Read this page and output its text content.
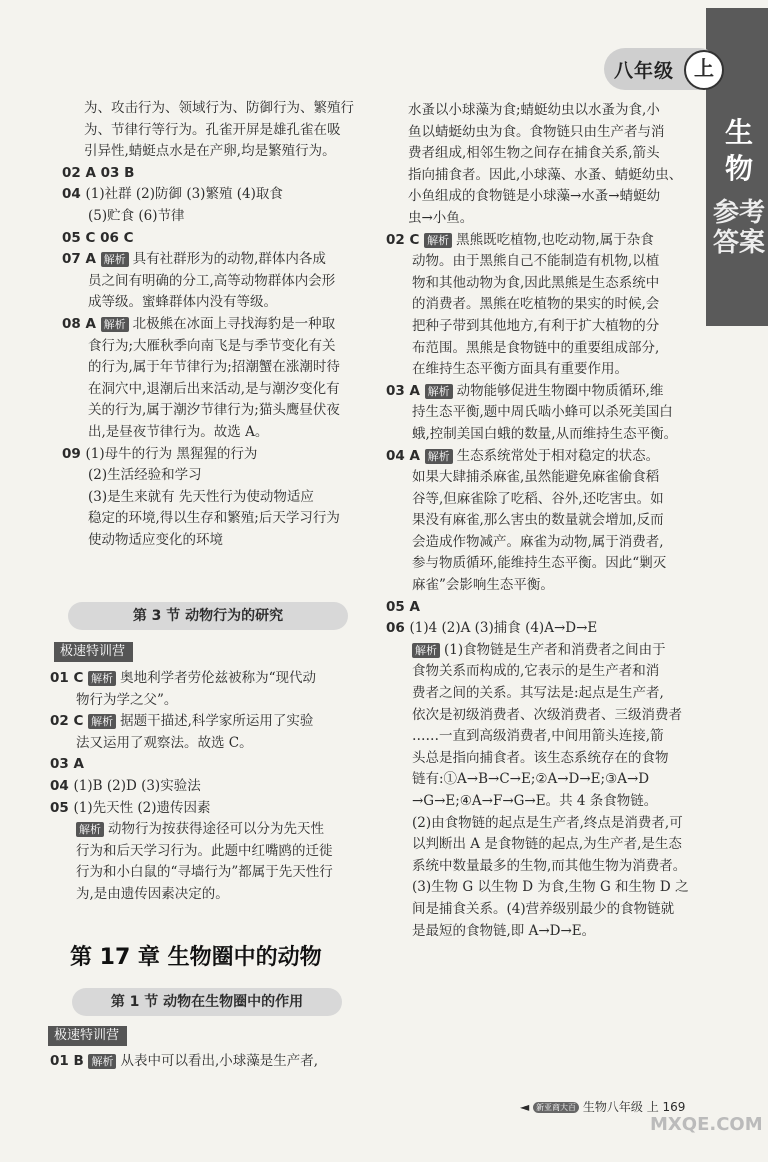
八年级 上
生物
参考答案

为、攻击行为、领域行为、防御行为、繁殖行

为、节律行等行为。孔雀开屏是雄孔雀在吸

引异性,蜻蜓点水是在产卵,均是繁殖行为。

02 A 03 B

04 (1)社群 (2)防御 (3)繁殖 (4)取食

(5)贮食 (6)节律

05 C 06 C

07 A 解析 具有社群形为的动物,群体内各成

员之间有明确的分工,高等动物群体内会形

成等级。蜜蜂群体内没有等级。

08 A 解析 北极熊在冰面上寻找海豹是一种取

食行为;大雁秋季向南飞是与季节变化有关

的行为,属于年节律行为;招潮蟹在涨潮时待

在洞穴中,退潮后出来活动,是与潮汐变化有

关的行为,属于潮汐节律行为;猫头鹰昼伏夜

出,是昼夜节律行为。故选 A。

09 (1)母牛的行为 黑猩猩的行为

(2)生活经验和学习

(3)是生来就有 先天性行为使动物适应

稳定的环境,得以生存和繁殖;后天学习行为

使动物适应变化的环境

第 3 节 动物行为的研究
极速特训营

01 C 解析 奥地利学者劳伦兹被称为“现代动

物行为学之父”。

02 C 解析 据题干描述,科学家所运用了实验

法又运用了观察法。故选 C。

03 A

04 (1)B (2)D (3)实验法

05 (1)先天性 (2)遗传因素

解析 动物行为按获得途径可以分为先天性

行为和后天学习行为。此题中红嘴鸥的迁徙

行为和小白鼠的“寻墙行为”都属于先天性行

为,是由遗传因素决定的。

第 17 章 生物圈中的动物
第 1 节 动物在生物圈中的作用
极速特训营

01 B 解析 从表中可以看出,小球藻是生产者,

水蚤以小球藻为食;蜻蜓幼虫以水蚤为食,小

鱼以蜻蜓幼虫为食。食物链只由生产者与消

费者组成,相邻生物之间存在捕食关系,箭头

指向捕食者。因此,小球藻、水蚤、蜻蜓幼虫、

小鱼组成的食物链是小球藻→水蚤→蜻蜓幼

虫→小鱼。

02 C 解析 黑熊既吃植物,也吃动物,属于杂食

动物。由于黑熊自己不能制造有机物,以植

物和其他动物为食,因此黑熊是生态系统中

的消费者。黑熊在吃植物的果实的时候,会

把种子带到其他地方,有利于扩大植物的分

布范围。黑熊是食物链中的重要组成部分,

在维持生态平衡方面具有重要作用。

03 A 解析 动物能够促进生物圈中物质循环,维

持生态平衡,题中周氏啮小蜂可以杀死美国白

蛾,控制美国白蛾的数量,从而维持生态平衡。

04 A 解析 生态系统常处于相对稳定的状态。

如果大肆捕杀麻雀,虽然能避免麻雀偷食稻

谷等,但麻雀除了吃稻、谷外,还吃害虫。如

果没有麻雀,那么害虫的数量就会增加,反而

会造成作物减产。麻雀为动物,属于消费者,

参与物质循环,能维持生态平衡。因此“剿灭

麻雀”会影响生态平衡。

05 A

06 (1)4 (2)A (3)捕食 (4)A→D→E

解析 (1)食物链是生产者和消费者之间由于

食物关系而构成的,它表示的是生产者和消

费者之间的关系。其写法是:起点是生产者,

依次是初级消费者、次级消费者、三级消费者

……一直到高级消费者,中间用箭头连接,箭

头总是指向捕食者。该生态系统存在的食物

链有:①A→B→C→E;②A→D→E;③A→D

→G→E;④A→F→G→E。共 4 条食物链。

(2)由食物链的起点是生产者,终点是消费者,可

以判断出 A 是食物链的起点,为生产者,是生态

系统中数量最多的生物,而其他生物为消费者。

(3)生物 G 以生物 D 为食,生物 G 和生物 D 之

间是捕食关系。(4)营养级别最少的食物链就

是最短的食物链,即 A→D→E。

◄ 新亚商大百 生物八年级 上 169
MXQE.COM
